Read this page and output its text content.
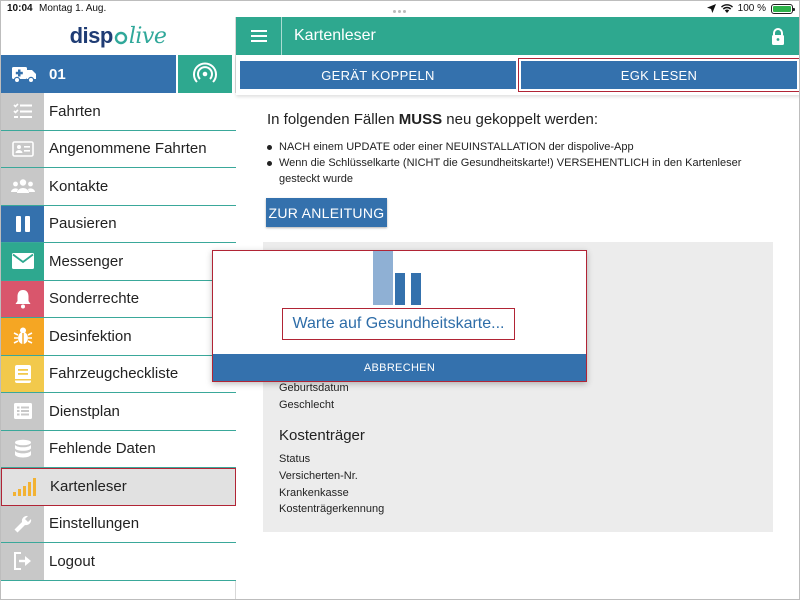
10:04 Montag 1. Aug.	100 %
disp live
01
Fahrten
Angenommene Fahrten
Kontakte
Pausieren
Messenger
Sonderrechte
Desinfektion
Fahrzeugcheckliste
Dienstplan
Fehlende Daten
Kartenleser
Einstellungen
Logout
Kartenleser
GERÄT KOPPELN	EGK LESEN
In folgenden Fällen MUSS neu gekoppelt werden:
NACH einem UPDATE oder einer NEUINSTALLATION der dispolive-App
Wenn die Schlüsselkarte (NICHT die Gesundheitskarte!) VERSEHENTLICH in den Kartenleser gesteckt wurde
ZUR ANLEITUNG
Geburtsdatum
Geschlecht
Kostenträger
Status
Versicherten-Nr.
Krankenkasse
Kostenträgerkennung
Warte auf Gesundheitskarte...
ABBRECHEN
